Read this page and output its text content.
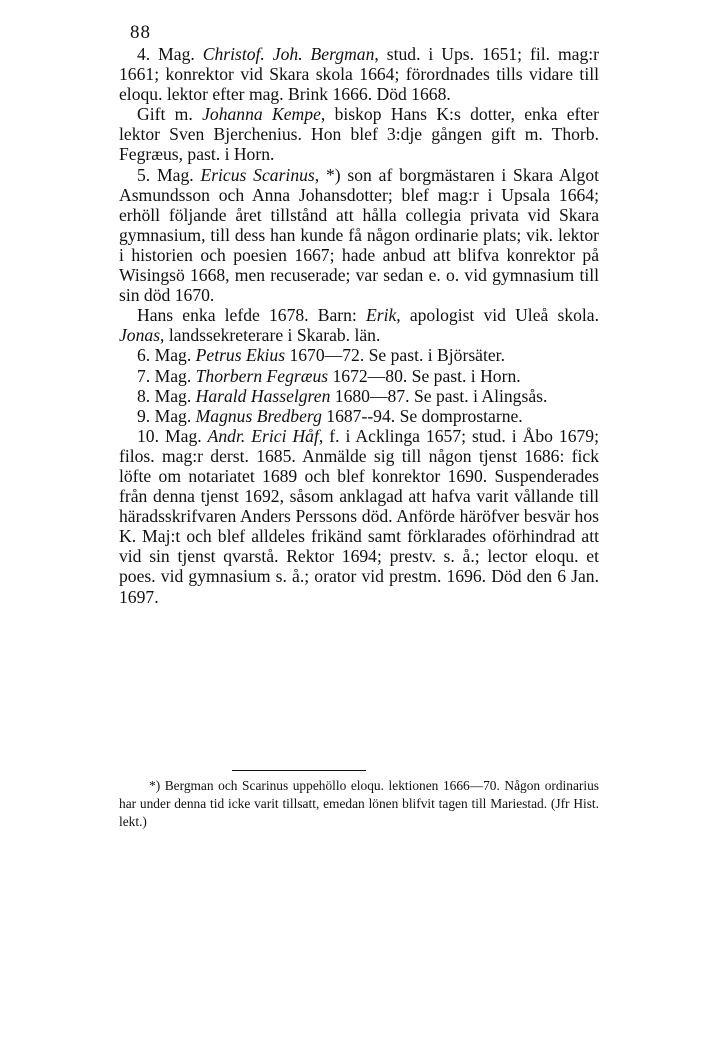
88

4. Mag. Christof. Joh. Bergman, stud. i Ups. 1651; fil. mag:r 1661; konrektor vid Skara skola 1664; förordnades tills vidare till eloqu. lektor efter mag. Brink 1666. Död 1668.

Gift m. Johanna Kempe, biskop Hans K:s dotter, enka efter lektor Sven Bjerchenius. Hon blef 3:dje gången gift m. Thorb. Fegræus, past. i Horn.

5. Mag. Ericus Scarinus, *) son af borgmästaren i Skara Algot Asmundsson och Anna Johansdotter; blef mag:r i Upsala 1664; erhöll följande året tillstånd att hålla collegia privata vid Skara gymnasium, till dess han kunde få någon ordinarie plats; vik. lektor i historien och poesien 1667; hade anbud att blifva konrektor på Wisingsö 1668, men recuserade; var sedan e. o. vid gymnasium till sin död 1670.

Hans enka lefde 1678. Barn: Erik, apologist vid Uleå skola. Jonas, landssekreterare i Skarab. län.

6. Mag. Petrus Ekius 1670—72. Se past. i Björsäter.

7. Mag. Thorbern Fegræus 1672—80. Se past. i Horn.

8. Mag. Harald Hasselgren 1680—87. Se past. i Alingsås.

9. Mag. Magnus Bredberg 1687--94. Se domprostarne.

10. Mag. Andr. Erici Håf, f. i Acklinga 1657; stud. i Åbo 1679; filos. mag:r derst. 1685. Anmälde sig till någon tjenst 1686: fick löfte om notariatet 1689 och blef konrektor 1690. Suspenderades från denna tjenst 1692, såsom anklagad att hafva varit vållande till häradsskrifvaren Anders Perssons död. Anförde häröfver besvär hos K. Maj:t och blef alldeles frikänd samt förklarades oförhindrad att vid sin tjenst qvarstå. Rektor 1694; prestv. s. å.; lector eloqu. et poes. vid gymnasium s. å.; orator vid prestm. 1696. Död den 6 Jan. 1697.

*) Bergman och Scarinus uppehöllo eloqu. lektionen 1666—70. Någon ordinarius har under denna tid icke varit tillsatt, emedan lönen blifvit tagen till Mariestad. (Jfr Hist. lekt.)
